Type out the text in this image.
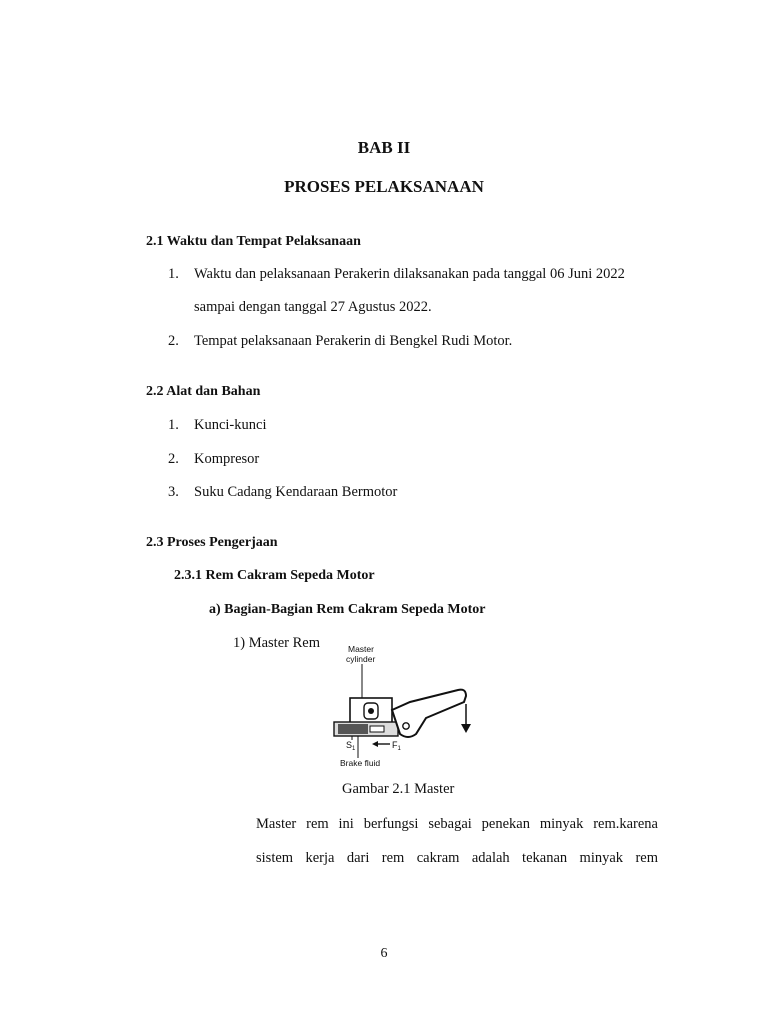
BAB II
PROSES PELAKSANAAN
2.1 Waktu dan Tempat Pelaksanaan
1. Waktu dan pelaksanaan Perakerin dilaksanakan pada tanggal 06 Juni 2022
sampai dengan tanggal 27 Agustus 2022.
2. Tempat pelaksanaan Perakerin di Bengkel Rudi Motor.
2.2 Alat dan Bahan
1. Kunci-kunci
2. Kompresor
3. Suku Cadang Kendaraan Bermotor
2.3 Proses Pengerjaan
2.3.1 Rem Cakram Sepeda Motor
a) Bagian-Bagian Rem Cakram Sepeda Motor
1) Master Rem	Master
cylinder
$S_1$	$F_1$
Brake fluid
Gambar 2.1 Master
Master rem ini berfungsi sebagai penekan minyak rem.karena
sistem kerja dari rem cakram adalah tekanan minyak rem
6
